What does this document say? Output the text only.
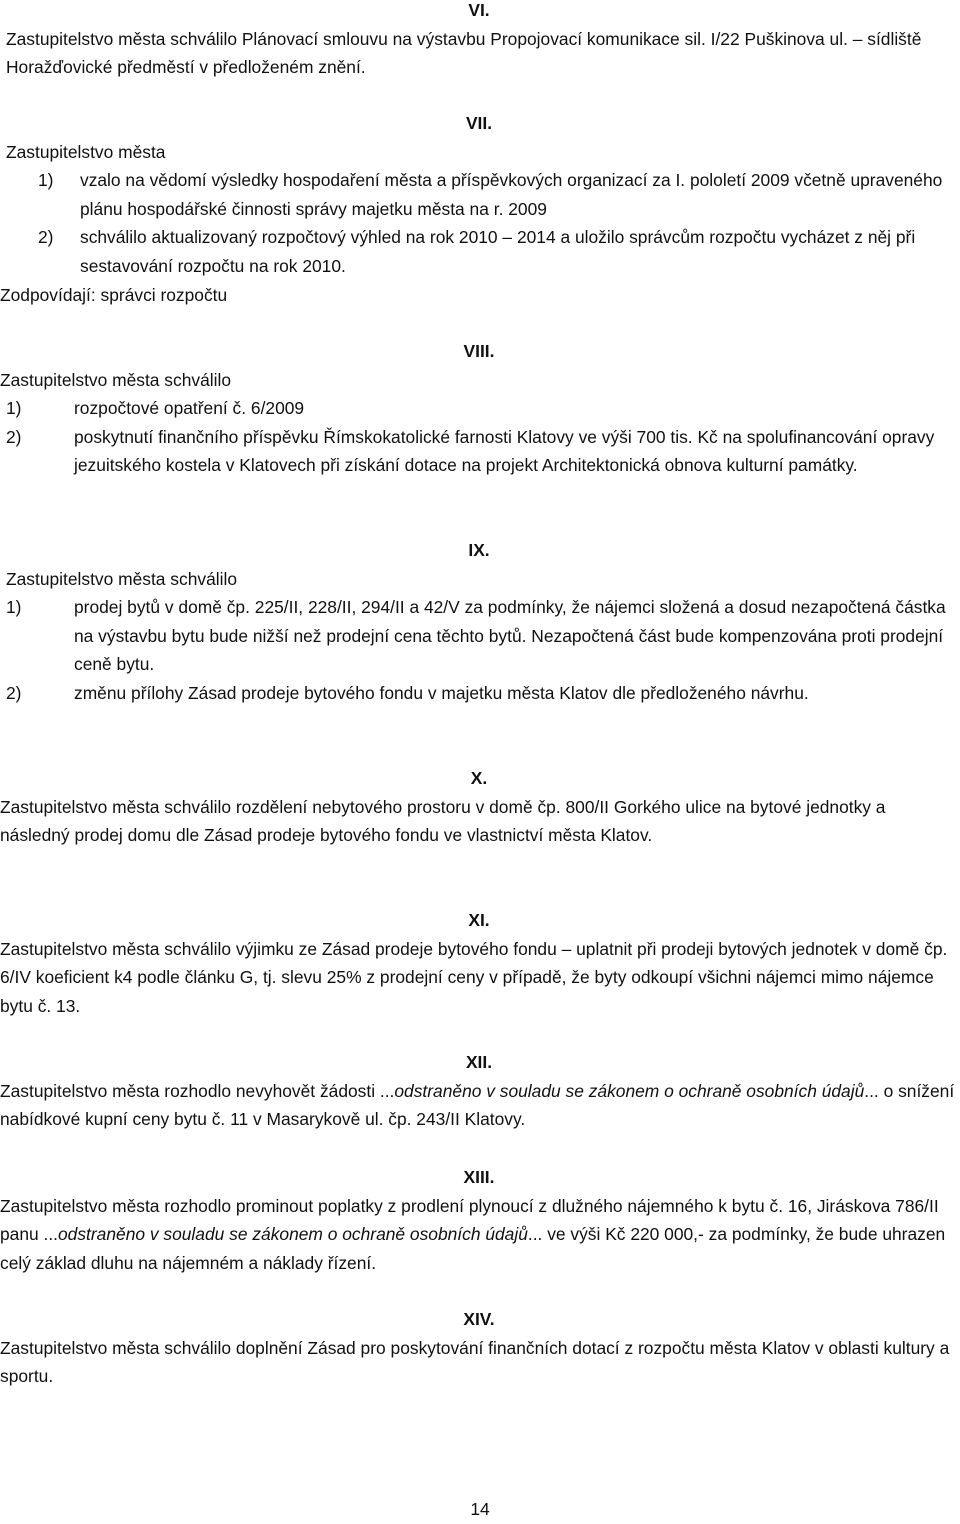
VI.

Zastupitelstvo města schválilo Plánovací smlouvu na výstavbu Propojovací komunikace sil. I/22 Puškinova ul. – sídliště Horažďovické předměstí v předloženém znění.

VII.

Zastupitelstvo města

1) vzalo na vědomí výsledky hospodaření města a příspěvkových organizací za I. pololetí 2009 včetně upraveného plánu hospodářské činnosti správy majetku města na r. 2009
2) schválilo aktualizovaný rozpočtový výhled na rok 2010 – 2014 a uložilo správcům rozpočtu vycházet z něj při sestavování rozpočtu na rok 2010.

Zodpovídají: správci rozpočtu

VIII.

Zastupitelstvo města schválilo

1)	rozpočtové opatření č. 6/2009
2)	poskytnutí finančního příspěvku Římskokatolické farnosti Klatovy ve výši 700 tis. Kč na spolufinancování opravy jezuitského kostela v Klatovech při získání dotace na projekt Architektonická obnova kulturní památky.

IX.

Zastupitelstvo města schválilo

1)	prodej bytů v domě čp. 225/II, 228/II, 294/II a 42/V za podmínky, že nájemci složená a dosud nezapočtená částka na výstavbu bytu bude nižší než prodejní cena těchto bytů. Nezapočtená část bude kompenzována proti prodejní ceně bytu.
2)	změnu přílohy Zásad prodeje bytového fondu v majetku města Klatov dle předloženého návrhu.

X.

Zastupitelstvo města schválilo rozdělení nebytového prostoru v domě čp. 800/II Gorkého ulice na bytové jednotky a následný prodej domu dle Zásad prodeje bytového fondu ve vlastnictví města Klatov.

XI.

Zastupitelstvo města schválilo výjimku ze Zásad prodeje bytového fondu – uplatnit při prodeji bytových jednotek v domě čp. 6/IV koeficient k4 podle článku G, tj. slevu 25% z prodejní ceny v případě, že byty odkoupí všichni nájemci mimo nájemce bytu č. 13.

XII.

Zastupitelstvo města rozhodlo nevyhovět žádosti ...odstraněno v souladu se zákonem o ochraně osobních údajů... o snížení nabídkové kupní ceny bytu č. 11 v Masarykově ul. čp. 243/II Klatovy.

XIII.

Zastupitelstvo města rozhodlo prominout poplatky z prodlení plynoucí z dlužného nájemného k bytu č. 16, Jiráskova 786/II panu ...odstraněno v souladu se zákonem o ochraně osobních údajů... ve výši Kč 220 000,- za podmínky, že bude uhrazen celý základ dluhu na nájemném a náklady řízení.

XIV.

Zastupitelstvo města schválilo doplnění Zásad pro poskytování finančních dotací z rozpočtu města Klatov v oblasti kultury a sportu.

14
